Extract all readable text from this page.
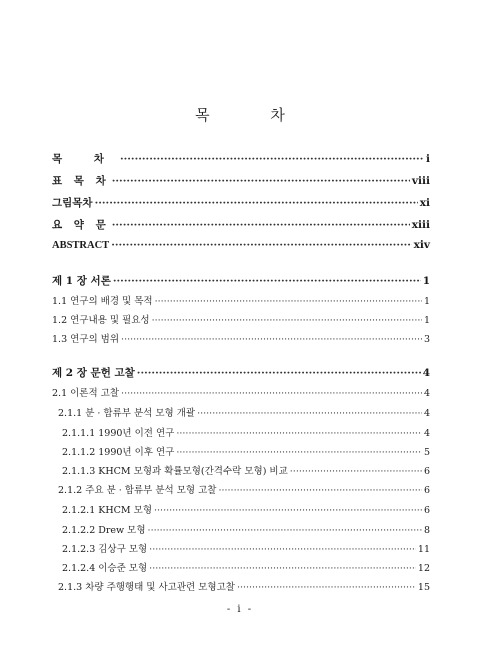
목 차
목 차 ·····	i
표 목 차 ·····	viii
그림목차 ·····	xi
요 약 문 ·····	xiii
ABSTRACT ·····	xiv
제 1 장 서론 ·····	1
1.1 연구의 배경 및 목적 ·····	1
1.2 연구내용 및 필요성 ·····	1
1.3 연구의 범위 ·····	3
제 2 장 문헌 고찰 ·····	4
2.1 이론적 고찰 ·····	4
2.1.1 분 · 합류부 분석 모형 개괄 ·····	4
2.1.1.1 1990년 이전 연구 ·····	4
2.1.1.2 1990년 이후 연구 ·····	5
2.1.1.3 KHCM 모형과 확률모형(간격수락 모형) 비교 ·····	6
2.1.2 주요 분 · 합류부 분석 모형 고찰 ·····	6
2.1.2.1 KHCM 모형 ·····	6
2.1.2.2 Drew 모형 ·····	8
2.1.2.3 김상구 모형 ·····	11
2.1.2.4 이승준 모형 ·····	12
2.1.3 차량 주행행태 및 사고관련 모형고찰 ·····	15
- i -
